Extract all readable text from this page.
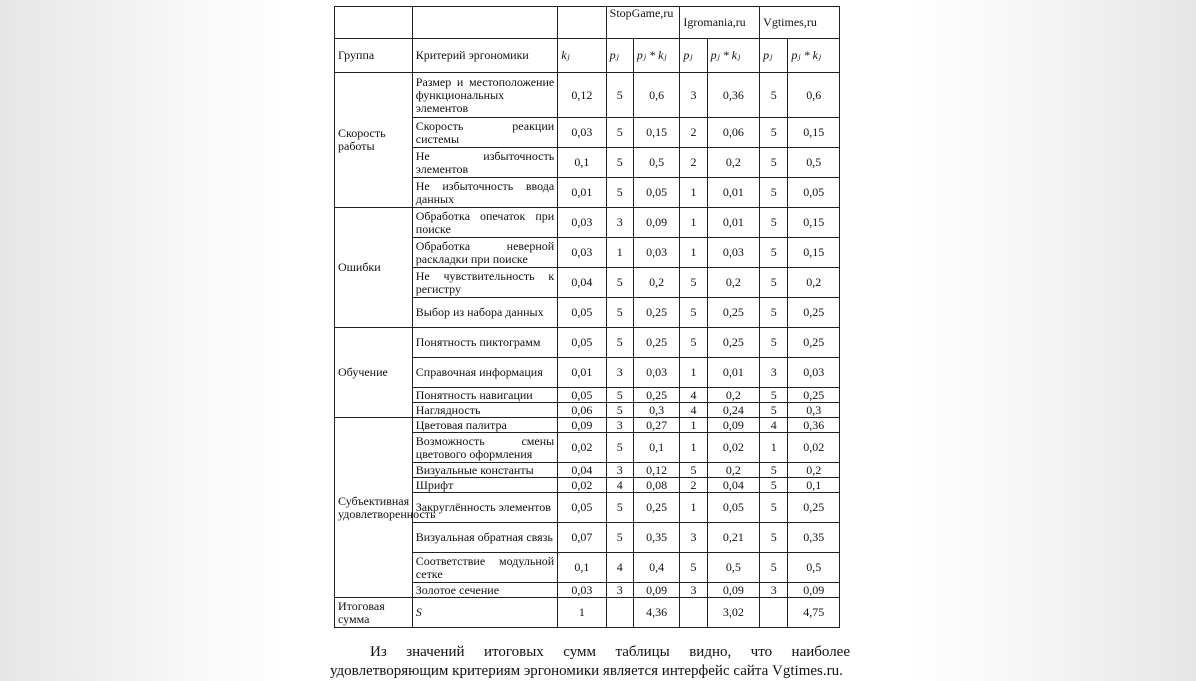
			StopGame,ru		Igromania,ru		Vgtimes,ru	
Группа	Критерий эргономики	kⱼ	pⱼ	pⱼ * kⱼ	pⱼ	pⱼ * kⱼ	pⱼ	pⱼ * kⱼ
Скорость работы	Размер и местоположение функциональных элементов	0,12	5	0,6	3	0,36	5	0,6
	Скорость реакции системы	0,03	5	0,15	2	0,06	5	0,15
	Не избыточность элементов	0,1	5	0,5	2	0,2	5	0,5
	Не избыточность ввода данных	0,01	5	0,05	1	0,01	5	0,05
Ошибки	Обработка опечаток при поиске	0,03	3	0,09	1	0,01	5	0,15
	Обработка неверной раскладки при поиске	0,03	1	0,03	1	0,03	5	0,15
	Не чувствительность к регистру	0,04	5	0,2	5	0,2	5	0,2
	Выбор из набора данных	0,05	5	0,25	5	0,25	5	0,25
Обучение	Понятность пиктограмм	0,05	5	0,25	5	0,25	5	0,25
	Справочная информация	0,01	3	0,03	1	0,01	3	0,03
	Понятность навигации	0,05	5	0,25	4	0,2	5	0,25
	Наглядность	0,06	5	0,3	4	0,24	5	0,3
Субъективная удовлетворенность	Цветовая палитра	0,09	3	0,27	1	0,09	4	0,36
	Возможность смены цветового оформления	0,02	5	0,1	1	0,02	1	0,02
	Визуальные константы	0,04	3	0,12	5	0,2	5	0,2
	Шрифт	0,02	4	0,08	2	0,04	5	0,1
	Закруглённость элементов	0,05	5	0,25	1	0,05	5	0,25
	Визуальная обратная связь	0,07	5	0,35	3	0,21	5	0,35
	Соответствие модульной сетке	0,1	4	0,4	5	0,5	5	0,5
	Золотое сечение	0,03	3	0,09	3	0,09	3	0,09
Итоговая сумма	S	1		4,36		3,02		4,75
Из значений итоговых сумм таблицы видно, что наиболее удовлетворяющим критериям эргономики является интерфейс сайта Vgtimes.ru.
